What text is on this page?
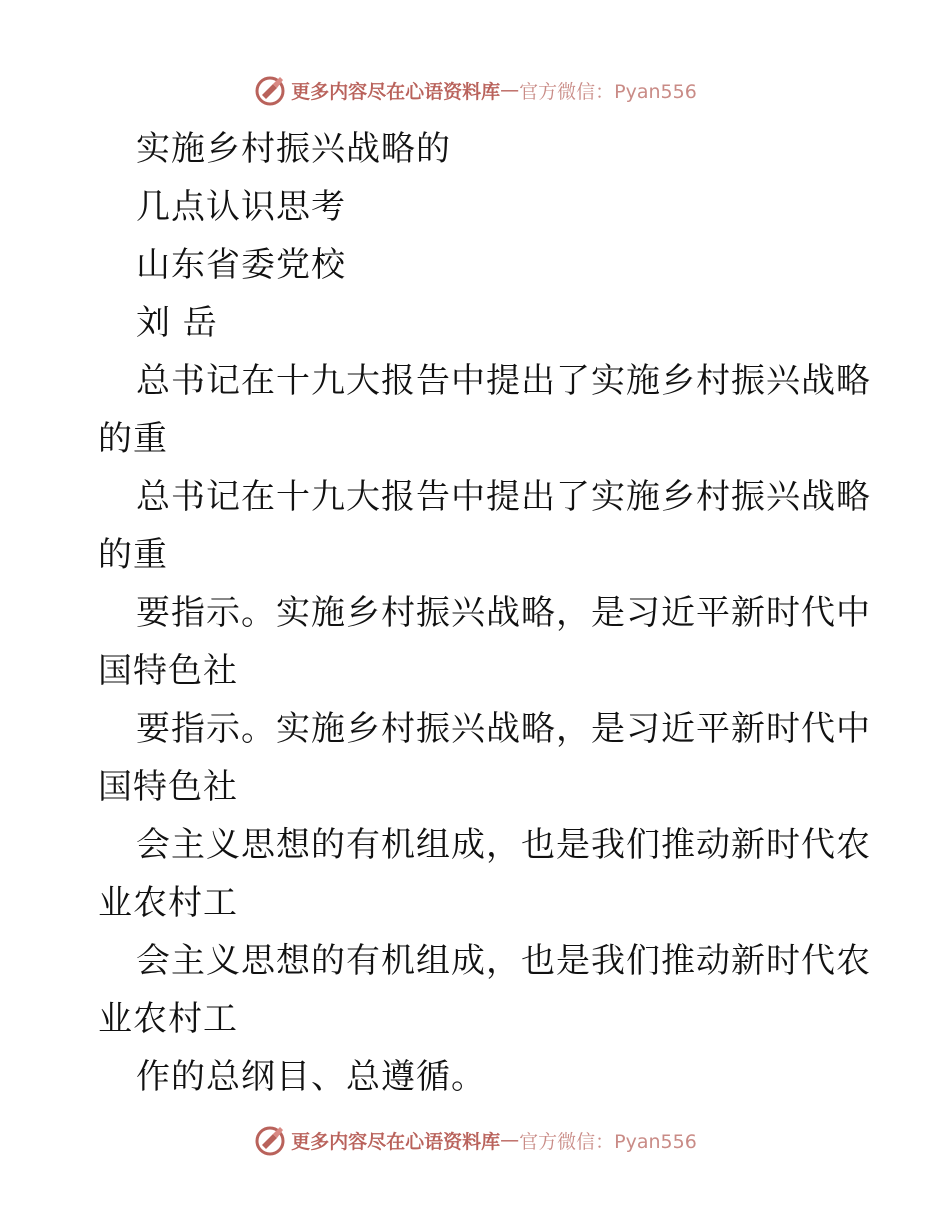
更多内容尽在心语资料库 — 官方微信：Pyan556
实施乡村振兴战略的
几点认识思考
山东省委党校
刘 岳
总书记在十九大报告中提出了实施乡村振兴战略
的重
总书记在十九大报告中提出了实施乡村振兴战略
的重
要指示。实施乡村振兴战略，是习近平新时代中
国特色社
要指示。实施乡村振兴战略，是习近平新时代中
国特色社
会主义思想的有机组成，也是我们推动新时代农
业农村工
会主义思想的有机组成，也是我们推动新时代农
业农村工
作的总纲目、总遵循。
更多内容尽在心语资料库 — 官方微信：Pyan556
